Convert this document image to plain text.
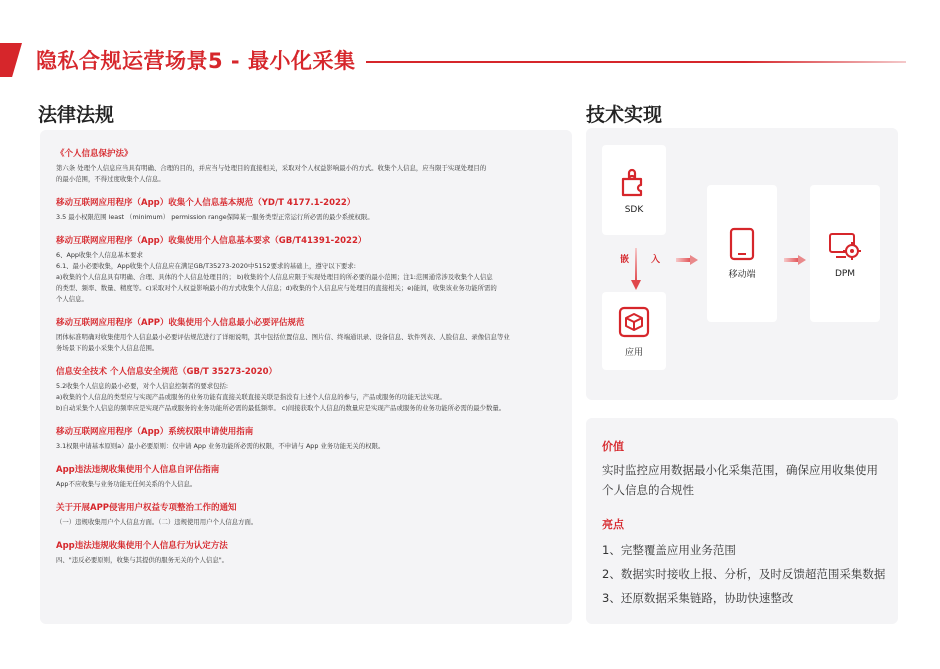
隐私合规运营场景5 - 最小化采集
法律法规
《个人信息保护法》
第六条 处理个人信息应当具有明确、合理的目的，并应当与处理目的直接相关，采取对个人权益影响最小的方式。收集个人信息，应当限于实现处理目的
的最小范围，不得过度收集个人信息。
移动互联网应用程序（App）收集个人信息基本规范（YD/T 4177.1-2022）
3.5 最小权限范围 least （minimum） permission range保障某一服务类型正常运行所必需的最少系统权限。
移动互联网应用程序（App）收集使用个人信息基本要求（GB/T41391-2022）
6、App收集个人信息基本要求
6.1、最小必要收集，App收集个人信息应在满足GB/T35273-2020中5152要求的基础上，遵守以下要求:
a)收集的个人信息具有明确、合理、具体的个人信息处理目的； b)收集的个人信息应限于实现处理目的所必要的最小范围；注1:范围通常涉及收集个人信息
的类型、频率、数量、精度等。c)采取对个人权益影响最小的方式收集个人信息；d)收集的个人信息应与处理目的直接相关；e)能间，收集该业务功能所需的
个人信息。
移动互联网应用程序（APP）收集使用个人信息最小必要评估规范
团体标准明确对收集使用个人信息最小必要评估规范进行了详细说明，其中包括位置信息、图片信、终端通讯录、设备信息、软件列表、人脸信息、录像信息等业
务场景下的最小采集个人信息范围。
信息安全技术 个人信息安全规范（GB/T 35273-2020）
5.2收集个人信息的最小必要，对个人信息控制者的要求包括:
a)收集的个人信息的类型应与实现产品或服务的业务功能有直接关联直接关联是指没有上述个人信息的参与，产品或服务的功能无法实现。
b)自动采集个人信息的频率应是实现产品或服务的业务功能所必需的最低频率。 c)间接获取个人信息的数量应是实现产品或服务的业务功能所必需的最少数量。
移动互联网应用程序（App）系统权限申请使用指南
3.1权限申请基本原则a）最小必要原则：仅申请 App 业务功能所必需的权限，不申请与 App 业务功能无关的权限。
App违法违规收集使用个人信息自评估指南
App不应收集与业务功能无任何关系的个人信息。
关于开展APP侵害用户权益专项整治工作的通知
（一）违规收集用户个人信息方面。（二）违规使用用户个人信息方面。
App违法违规收集使用个人信息行为认定方法
四、"违反必要原则，收集与其提供的服务无关的个人信息"。
技术实现
SDK
嵌 入
应用
移动端	DPM
价值
实时监控应用数据最小化采集范围，确保应用收集使用个人信息的合规性
亮点
1、完整覆盖应用业务范围
2、数据实时接收上报、分析，及时反馈超范围采集数据
3、还原数据采集链路，协助快速整改
